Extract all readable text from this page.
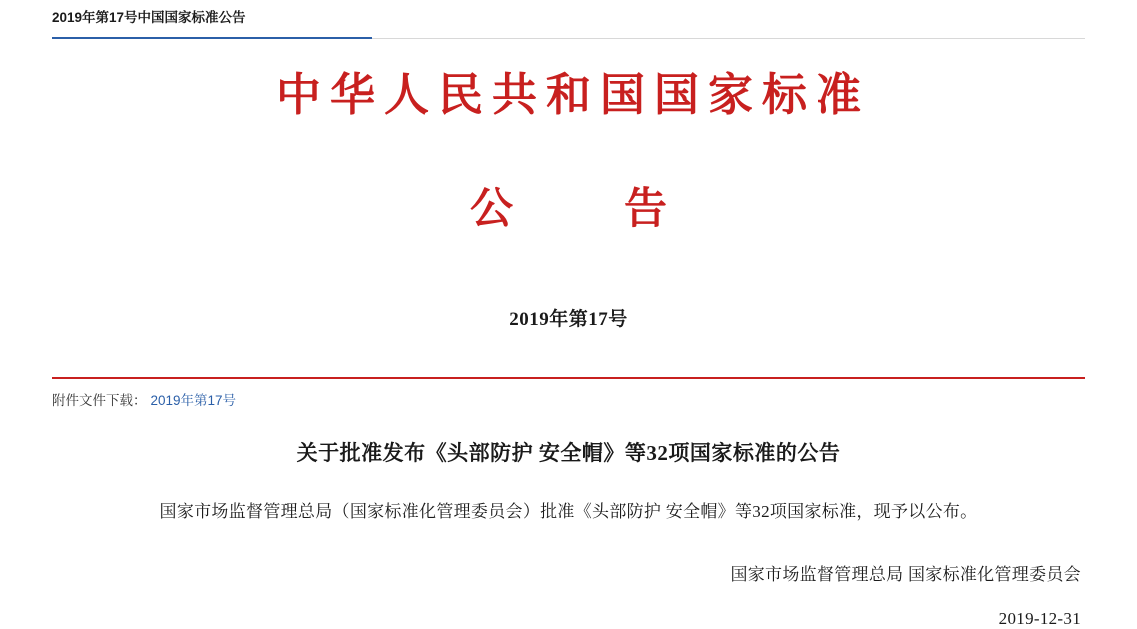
2019年第17号中国国家标准公告
中华人民共和国国家标准
公　告
2019年第17号
附件文件下载： 2019年第17号
关于批准发布《头部防护 安全帽》等32项国家标准的公告
国家市场监督管理总局（国家标准化管理委员会）批准《头部防护 安全帽》等32项国家标准，现予以公布。
国家市场监督管理总局 国家标准化管理委员会
2019-12-31
